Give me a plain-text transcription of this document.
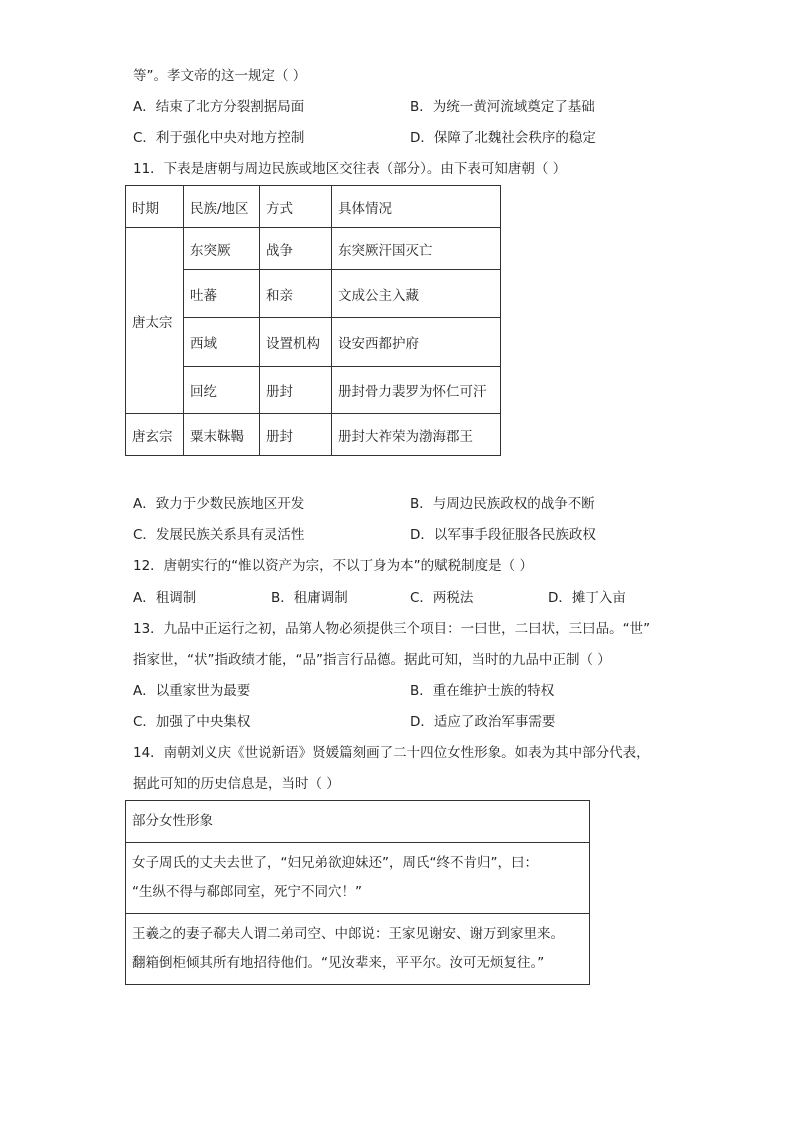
等”。孝文帝的这一规定（ ）
A．结束了北方分裂割据局面	B．为统一黄河流域奠定了基础
C．利于强化中央对地方控制	D．保障了北魏社会秩序的稳定
11．下表是唐朝与周边民族或地区交往表（部分）。由下表可知唐朝（ ）
时期	民族/地区	方式	具体情况
唐太宗	东突厥	战争	东突厥汗国灭亡
	吐蕃	和亲	文成公主入藏
	西域	设置机构	设安西都护府
	回纥	册封	册封骨力裴罗为怀仁可汗
唐玄宗	粟末靺鞨	册封	册封大祚荣为渤海郡王
A．致力于少数民族地区开发	B．与周边民族政权的战争不断
C．发展民族关系具有灵活性	D．以军事手段征服各民族政权
12．唐朝实行的“惟以资产为宗，不以丁身为本”的赋税制度是（ ）
A．租调制	B．租庸调制	C．两税法	D．摊丁入亩
13．九品中正运行之初，品第人物必须提供三个项目：一曰世，二曰状，三曰品。“世”
指家世，“状”指政绩才能，“品”指言行品德。据此可知，当时的九品中正制（ ）
A．以重家世为最要	B．重在维护士族的特权
C．加强了中央集权	D．适应了政治军事需要
14．南朝刘义庆《世说新语》贤媛篇刻画了二十四位女性形象。如表为其中部分代表，
据此可知的历史信息是，当时（ ）
部分女性形象

女子周氏的丈夫去世了，“妇兄弟欲迎妹还”，周氏“终不肯归”，曰：
“生纵不得与郗郎同室，死宁不同穴！”

王羲之的妻子郗夫人谓二弟司空、中郎说：王家见谢安、谢万到家里来。
翻箱倒柜倾其所有地招待他们。“见汝辈来，平平尔。汝可无烦复往。”
